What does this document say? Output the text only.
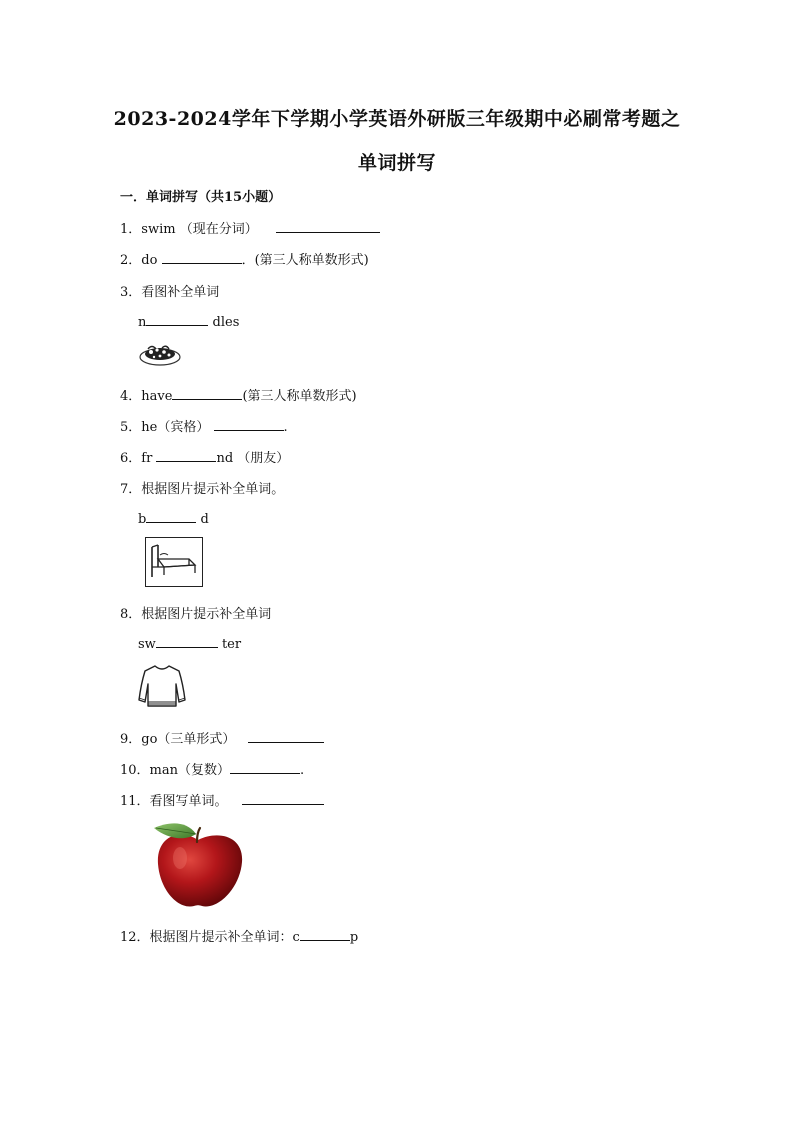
2023-2024学年下学期小学英语外研版三年级期中必刷常考题之
单词拼写
一．单词拼写（共15小题）
1．swim （现在分词）
2．do	．(第三人称单数形式)
3．看图补全单词
n	dles
4．have	(第三人称单数形式)
5．he（宾格）	.
6．fr	nd （朋友）
7．根据图片提示补全单词。
b	d
8．根据图片提示补全单词
sw	ter
9．go（三单形式）
10．man（复数）	.
11．看图写单词。
12．根据图片提示补全单词：c	p
